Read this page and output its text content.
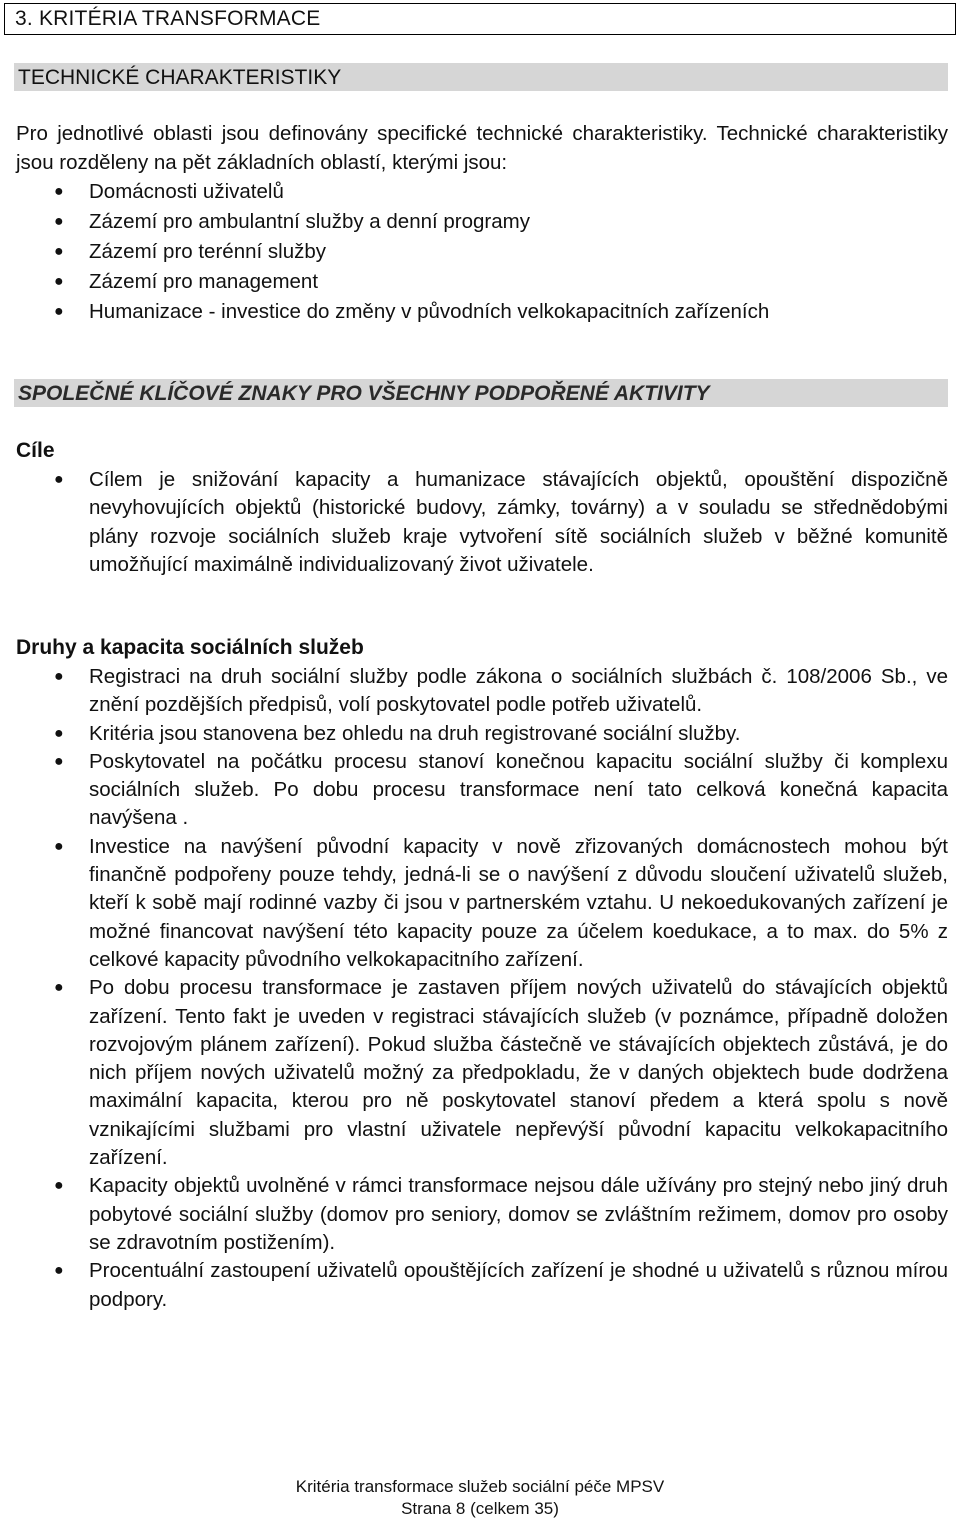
3. KRITÉRIA TRANSFORMACE
TECHNICKÉ CHARAKTERISTIKY

Pro jednotlivé oblasti jsou definovány specifické technické charakteristiky. Technické charakteristiky jsou rozděleny na pět základních oblastí, kterými jsou:

● Domácnosti uživatelů
● Zázemí pro ambulantní služby a denní programy
● Zázemí pro terénní služby
● Zázemí pro management
● Humanizace - investice do změny v původních velkokapacitních zařízeních
SPOLEČNÉ KLÍČOVÉ ZNAKY PRO VŠECHNY PODPOŘENÉ AKTIVITY
Cíle
● Cílem je snižování kapacity a humanizace stávajících objektů, opouštění dispozičně nevyhovujících objektů (historické budovy, zámky, továrny) a v souladu se střednědobými plány rozvoje sociálních služeb kraje vytvoření sítě sociálních služeb v běžné komunitě umožňující maximálně individualizovaný život uživatele.
Druhy a kapacita sociálních služeb
● Registraci na druh sociální služby podle zákona o sociálních službách č. 108/2006 Sb., ve znění pozdějších předpisů, volí poskytovatel podle potřeb uživatelů.
● Kritéria jsou stanovena bez ohledu na druh registrované sociální služby.
● Poskytovatel na počátku procesu stanoví konečnou kapacitu sociální služby či komplexu sociálních služeb. Po dobu procesu transformace není tato celková konečná kapacita navýšena .
● Investice na navýšení původní kapacity v nově zřizovaných domácnostech mohou být finančně podpořeny pouze tehdy, jedná-li se o navýšení z důvodu sloučení uživatelů služeb, kteří k sobě mají rodinné vazby či jsou v partnerském vztahu. U nekoedukovaných zařízení je možné financovat navýšení této kapacity pouze za účelem koedukace, a to max. do 5% z celkové kapacity původního velkokapacitního zařízení.
● Po dobu procesu transformace je zastaven příjem nových uživatelů do stávajících objektů zařízení. Tento fakt je uveden v registraci stávajících služeb (v poznámce, případně doložen rozvojovým plánem zařízení). Pokud služba částečně ve stávajících objektech zůstává, je do nich příjem nových uživatelů možný za předpokladu, že v daných objektech bude dodržena maximální kapacita, kterou pro ně poskytovatel stanoví předem a která spolu s nově vznikajícími službami pro vlastní uživatele nepřevýší původní kapacitu velkokapacitního zařízení.
● Kapacity objektů uvolněné v rámci transformace nejsou dále užívány pro stejný nebo jiný druh pobytové sociální služby (domov pro seniory, domov se zvláštním režimem, domov pro osoby se zdravotním postižením).
● Procentuální zastoupení uživatelů opouštějících zařízení je shodné u uživatelů s různou mírou podpory.
Kritéria transformace služeb sociální péče MPSV
Strana 8 (celkem 35)
